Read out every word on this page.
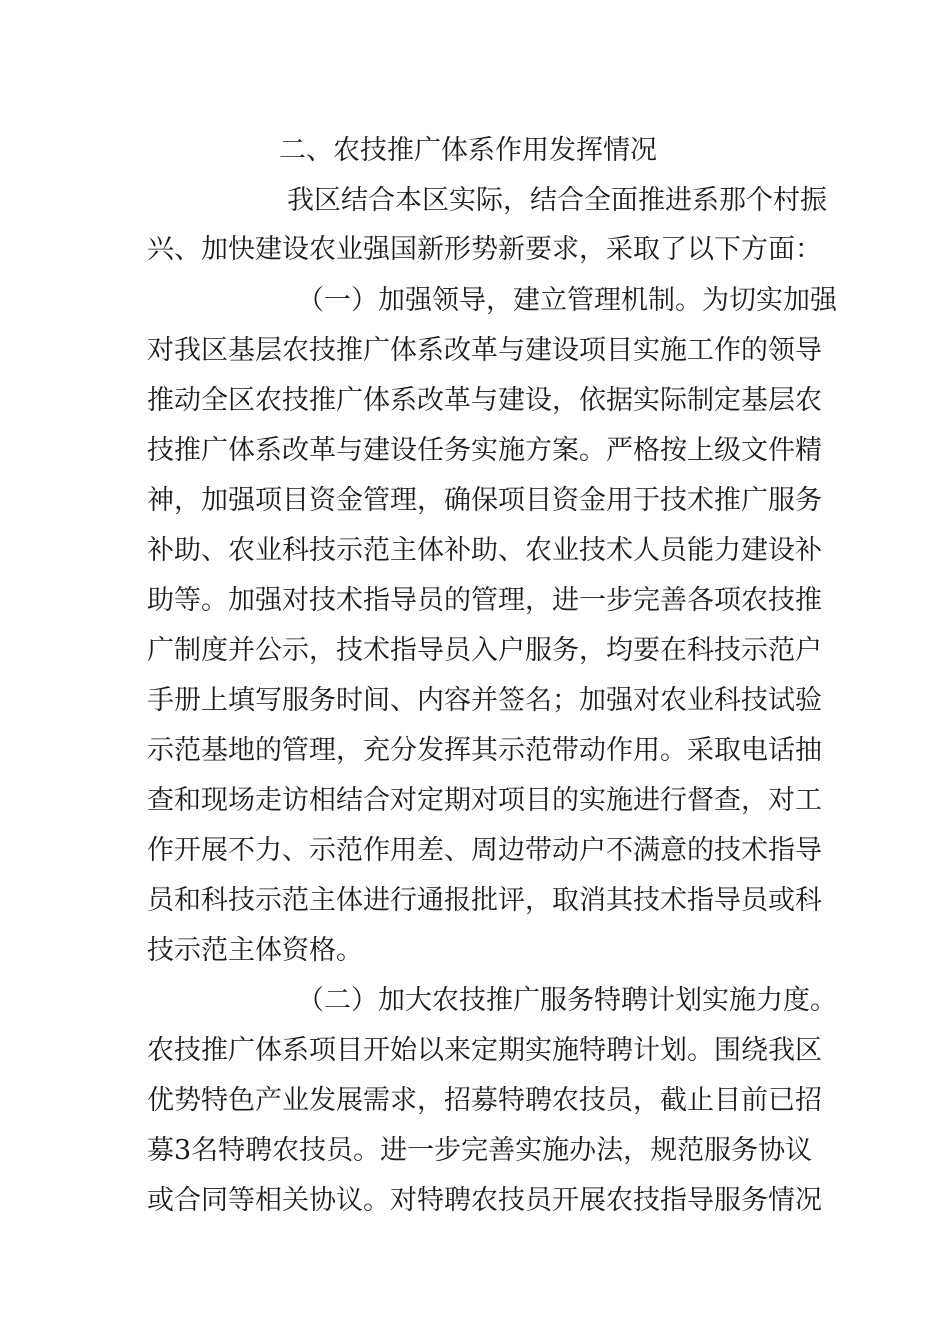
二、农技推广体系作用发挥情况

我区结合本区实际，结合全面推进系那个村振

兴、加快建设农业强国新形势新要求，采取了以下方面：

（一）加强领导，建立管理机制。为切实加强

对我区基层农技推广体系改革与建设项目实施工作的领导

推动全区农技推广体系改革与建设，依据实际制定基层农

技推广体系改革与建设任务实施方案。严格按上级文件精

神，加强项目资金管理，确保项目资金用于技术推广服务

补助、农业科技示范主体补助、农业技术人员能力建设补

助等。加强对技术指导员的管理，进一步完善各项农技推

广制度并公示，技术指导员入户服务，均要在科技示范户

手册上填写服务时间、内容并签名；加强对农业科技试验

示范基地的管理，充分发挥其示范带动作用。采取电话抽

查和现场走访相结合对定期对项目的实施进行督查，对工

作开展不力、示范作用差、周边带动户不满意的技术指导

员和科技示范主体进行通报批评，取消其技术指导员或科

技示范主体资格。

（二）加大农技推广服务特聘计划实施力度。

农技推广体系项目开始以来定期实施特聘计划。围绕我区

优势特色产业发展需求，招募特聘农技员，截止目前已招

募3名特聘农技员。进一步完善实施办法，规范服务协议

或合同等相关协议。对特聘农技员开展农技指导服务情况
